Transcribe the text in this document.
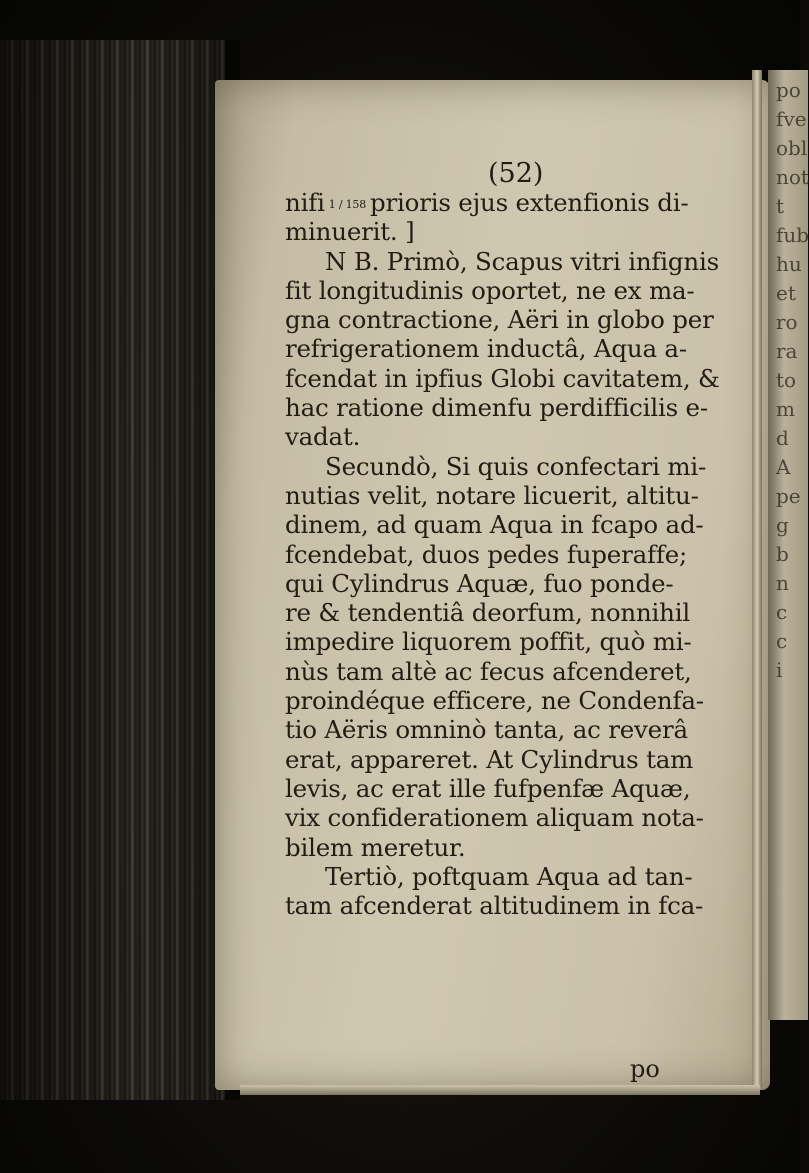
po
fve
obl
not
t
fub
hu
et
ro
ra
to
m
d
A
pe
g
b
n
c
c
i
(52)
nifi 1 / 158 prioris ejus extenfionis di-
minuerit. ]
N B. Primò, Scapus vitri infignis
fit longitudinis oportet, ne ex ma-
gna contractione, Aëri in globo per
refrigerationem inductâ, Aqua a-
fcendat in ipfius Globi cavitatem, &
hac ratione dimenfu perdifficilis e-
vadat.
Secundò, Si quis confectari mi-
nutias velit, notare licuerit, altitu-
dinem, ad quam Aqua in fcapo ad-
fcendebat, duos pedes fuperaffe;
qui Cylindrus Aquæ, fuo ponde-
re & tendentiâ deorfum, nonnihil
impedire liquorem poffit, quò mi-
nùs tam altè ac fecus afcenderet,
proindéque efficere, ne Condenfa-
tio Aëris omninò tanta, ac reverâ
erat, appareret. At Cylindrus tam
levis, ac erat ille fufpenfæ Aquæ,
vix confiderationem aliquam nota-
bilem meretur.
Tertiò, poftquam Aqua ad tan-
tam afcenderat altitudinem in fca-
po
